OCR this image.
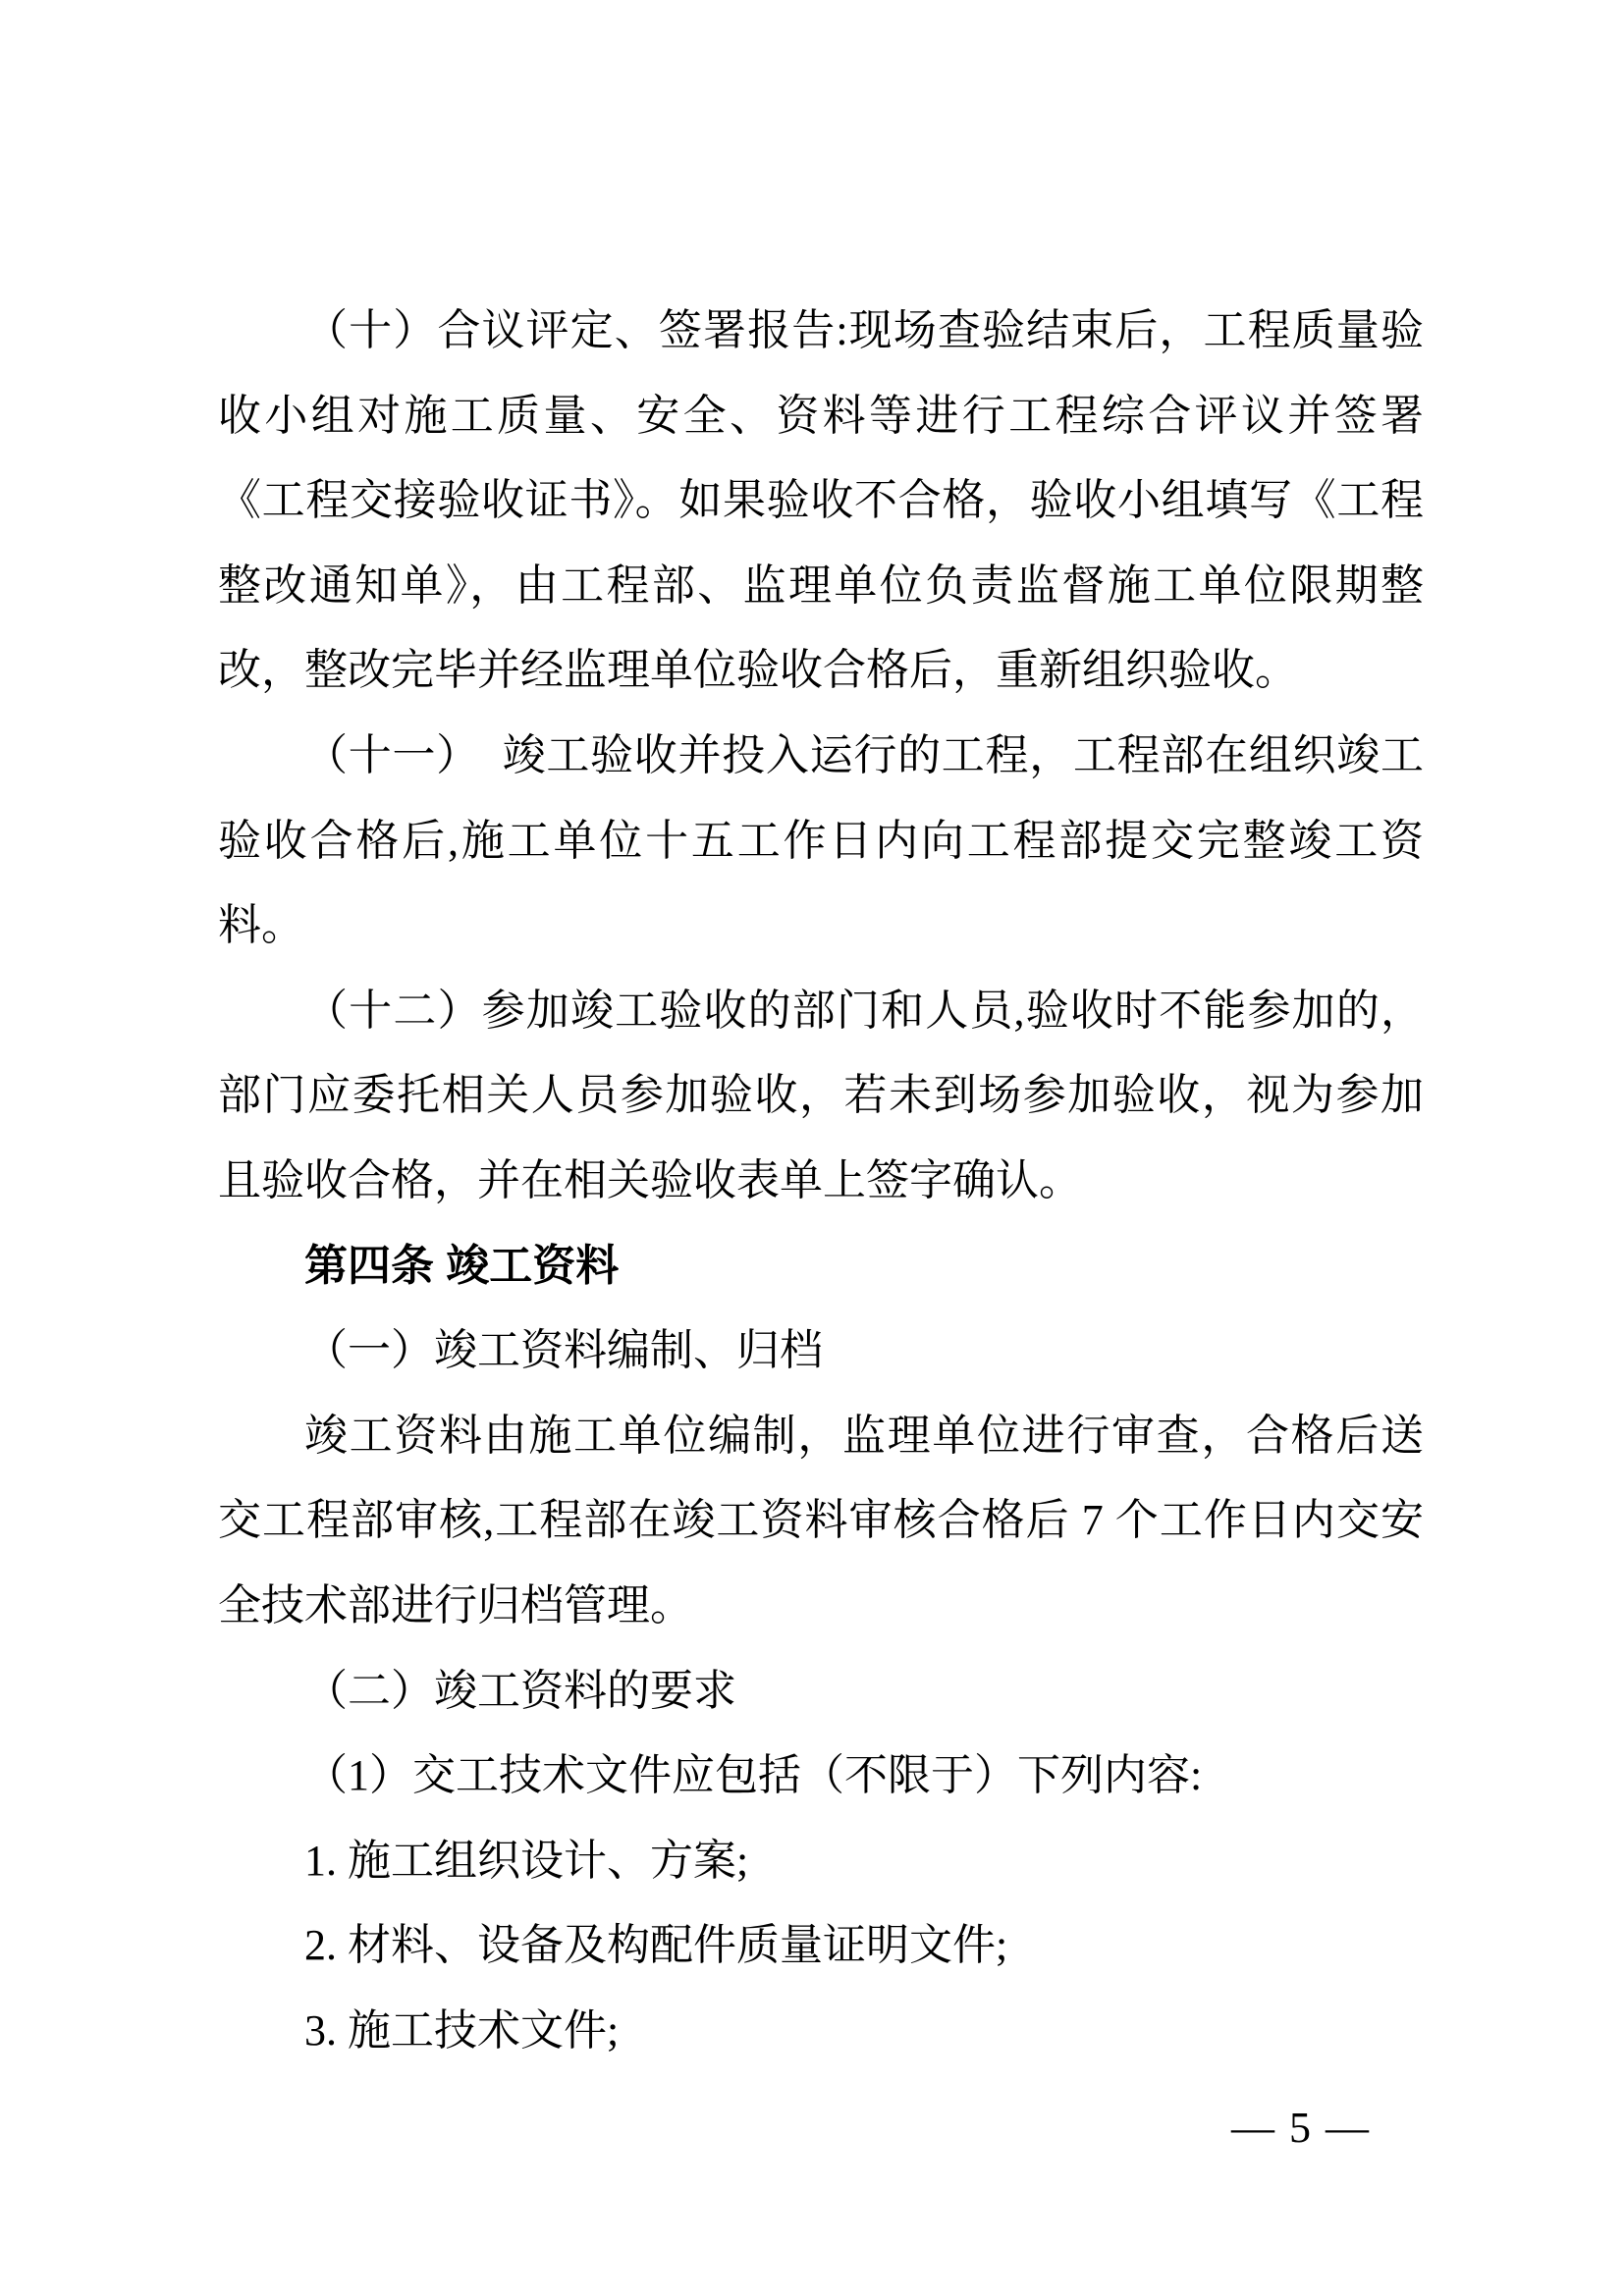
（十）合议评定、签署报告:现场查验结束后，工程质量验收小组对施工质量、安全、资料等进行工程综合评议并签署《工程交接验收证书》。如果验收不合格，验收小组填写《工程整改通知单》，由工程部、监理单位负责监督施工单位限期整改，整改完毕并经监理单位验收合格后，重新组织验收。

（十一）　竣工验收并投入运行的工程，工程部在组织竣工验收合格后,施工单位十五工作日内向工程部提交完整竣工资料。

（十二）参加竣工验收的部门和人员,验收时不能参加的，部门应委托相关人员参加验收，若未到场参加验收，视为参加且验收合格，并在相关验收表单上签字确认。

第四条 竣工资料

（一）竣工资料编制、归档

竣工资料由施工单位编制，监理单位进行审查，合格后送交工程部审核,工程部在竣工资料审核合格后 7 个工作日内交安全技术部进行归档管理。

（二）竣工资料的要求

（1）交工技术文件应包括（不限于）下列内容:

1. 施工组织设计、方案;

2. 材料、设备及构配件质量证明文件;

3. 施工技术文件;

— 5 —
